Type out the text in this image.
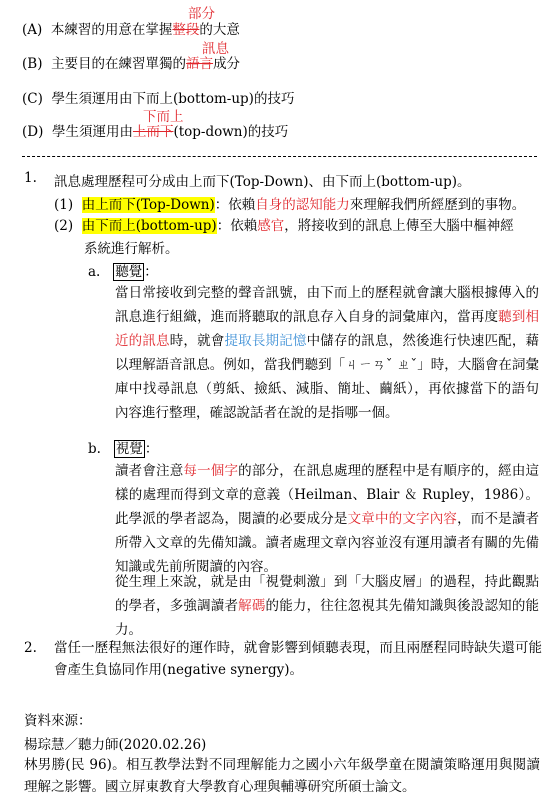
部分
(A) 本練習的用意在掌握整段的大意
訊息
(B) 主要目的在練習單獨的語言成分
(C) 學生須運用由下而上(bottom-up)的技巧
下而上
(D) 學生須運用由上而下(top-down)的技巧
1. 訊息處理歷程可分成由上而下(Top-Down)、由下而上(bottom-up)。
(1) 由上而下(Top-Down)：依賴自身的認知能力來理解我們所經歷到的事物。
(2) 由下而上(bottom-up)：依賴感官，將接收到的訊息上傳至大腦中樞神經
系統進行解析。
a. 聽覺 ：
當日常接收到完整的聲音訊號，由下而上的歷程就會讓大腦根據傳入的訊息進行組織，進而將聽取的訊息存入自身的詞彙庫內，當再度聽到相近的訊息時，就會提取長期記憶中儲存的訊息，然後進行快速匹配，藉以理解語音訊息。例如，當我們聽到「ㄐㄧㄢˇ ㄓˇ」時，大腦會在詞彙庫中找尋訊息（剪紙、撿紙、減脂、簡址、繭紙），再依據當下的語句內容進行整理，確認說話者在說的是指哪一個。
b. 視覺 ：
讀者會注意每一個字的部分，在訊息處理的歷程中是有順序的，經由這樣的處理而得到文章的意義（Heilman、Blair ＆ Rupley，1986）。此學派的學者認為，閱讀的必要成分是文章中的文字內容，而不是讀者所帶入文章的先備知識。讀者處理文章內容並沒有運用讀者有關的先備知識或先前所閱讀的內容。
從生理上來說，就是由「視覺刺激」到「大腦皮層」的過程，持此觀點的學者，多強調讀者解碼的能力，往往忽視其先備知識與後設認知的能力。
2. 當任一歷程無法很好的運作時，就會影響到傾聽表現，而且兩歷程同時缺失還可能會產生負協同作用(negative synergy)。
資料來源：
楊琮慧／聽力師(2020.02.26)
林男勝(民 96)。相互教學法對不同理解能力之國小六年級學童在閱讀策略運用與閱讀理解之影響。國立屏東教育大學教育心理與輔導研究所碩士論文。
